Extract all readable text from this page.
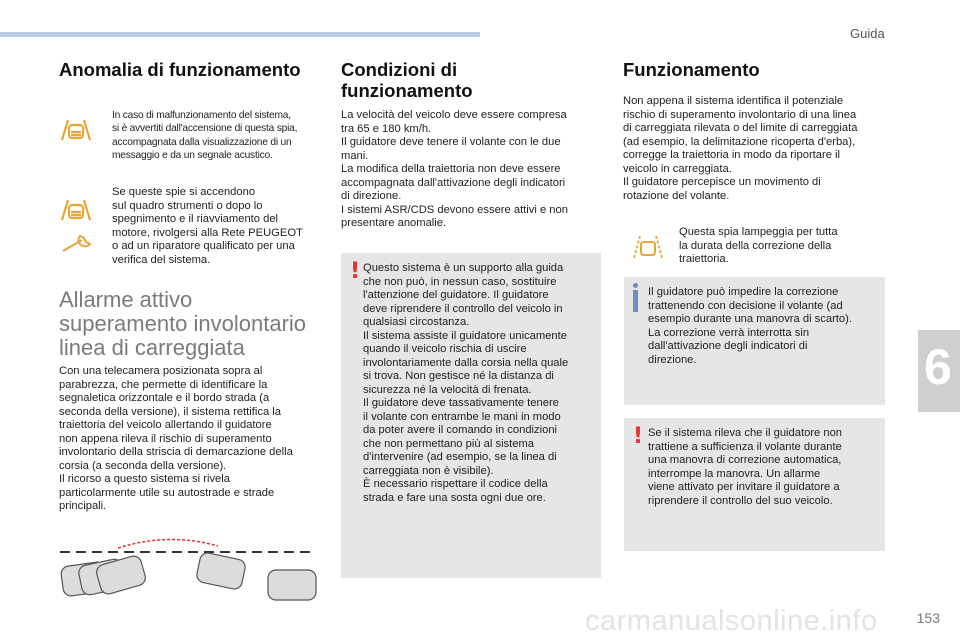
Guida
6
Anomalia di funzionamento

In caso di malfunzionamento del sistema,
si è avvertiti dall'accensione di questa spia,
accompagnata dalla visualizzazione di un
messaggio e da un segnale acustico.

Se queste spie si accendono
sul quadro strumenti o dopo lo
spegnimento e il riavviamento del
motore, rivolgersi alla Rete PEUGEOT
o ad un riparatore qualificato per una
verifica del sistema.

Allarme attivo
superamento involontario
linea di carreggiata

Con una telecamera posizionata sopra al
parabrezza, che permette di identificare la
segnaletica orizzontale e il bordo strada (a
seconda della versione), il sistema rettifica la
traiettoria del veicolo allertando il guidatore
non appena rileva il rischio di superamento
involontario della striscia di demarcazione della
corsia (a seconda della versione).
Il ricorso a questo sistema si rivela
particolarmente utile su autostrade e strade
principali.

Condizioni di
funzionamento

La velocità del veicolo deve essere compresa
tra 65 e 180 km/h.
Il guidatore deve tenere il volante con le due
mani.
La modifica della traiettoria non deve essere
accompagnata dall'attivazione degli indicatori
di direzione.
I sistemi ASR/CDS devono essere attivi e non
presentare anomalie.

! Questo sistema è un supporto alla guida
che non può, in nessun caso, sostituire
l'attenzione del guidatore. Il guidatore
deve riprendere il controllo del veicolo in
qualsiasi circostanza.
Il sistema assiste il guidatore unicamente
quando il veicolo rischia di uscire
involontariamente dalla corsia nella quale
si trova. Non gestisce né la distanza di
sicurezza né la velocità di frenata.
Il guidatore deve tassativamente tenere
il volante con entrambe le mani in modo
da poter avere il comando in condizioni
che non permettano più al sistema
d'intervenire (ad esempio, se la linea di
carreggiata non è visibile).
È necessario rispettare il codice della
strada e fare una sosta ogni due ore.

Funzionamento

Non appena il sistema identifica il potenziale
rischio di superamento involontario di una linea
di carreggiata rilevata o del limite di carreggiata
(ad esempio, la delimitazione ricoperta d'erba),
corregge la traiettoria in modo da riportare il
veicolo in carreggiata.
Il guidatore percepisce un movimento di
rotazione del volante.

Questa spia lampeggia per tutta
la durata della correzione della
traiettoria.

Il guidatore può impedire la correzione
trattenendo con decisione il volante (ad
esempio durante una manovra di scarto).
La correzione verrà interrotta sin
dall'attivazione degli indicatori di
direzione.

! Se il sistema rileva che il guidatore non
trattiene a sufficienza il volante durante
una manovra di correzione automatica,
interrompe la manovra. Un allarme
viene attivato per invitare il guidatore a
riprendere il controllo del suo veicolo.

carmanualsonline.info	153
